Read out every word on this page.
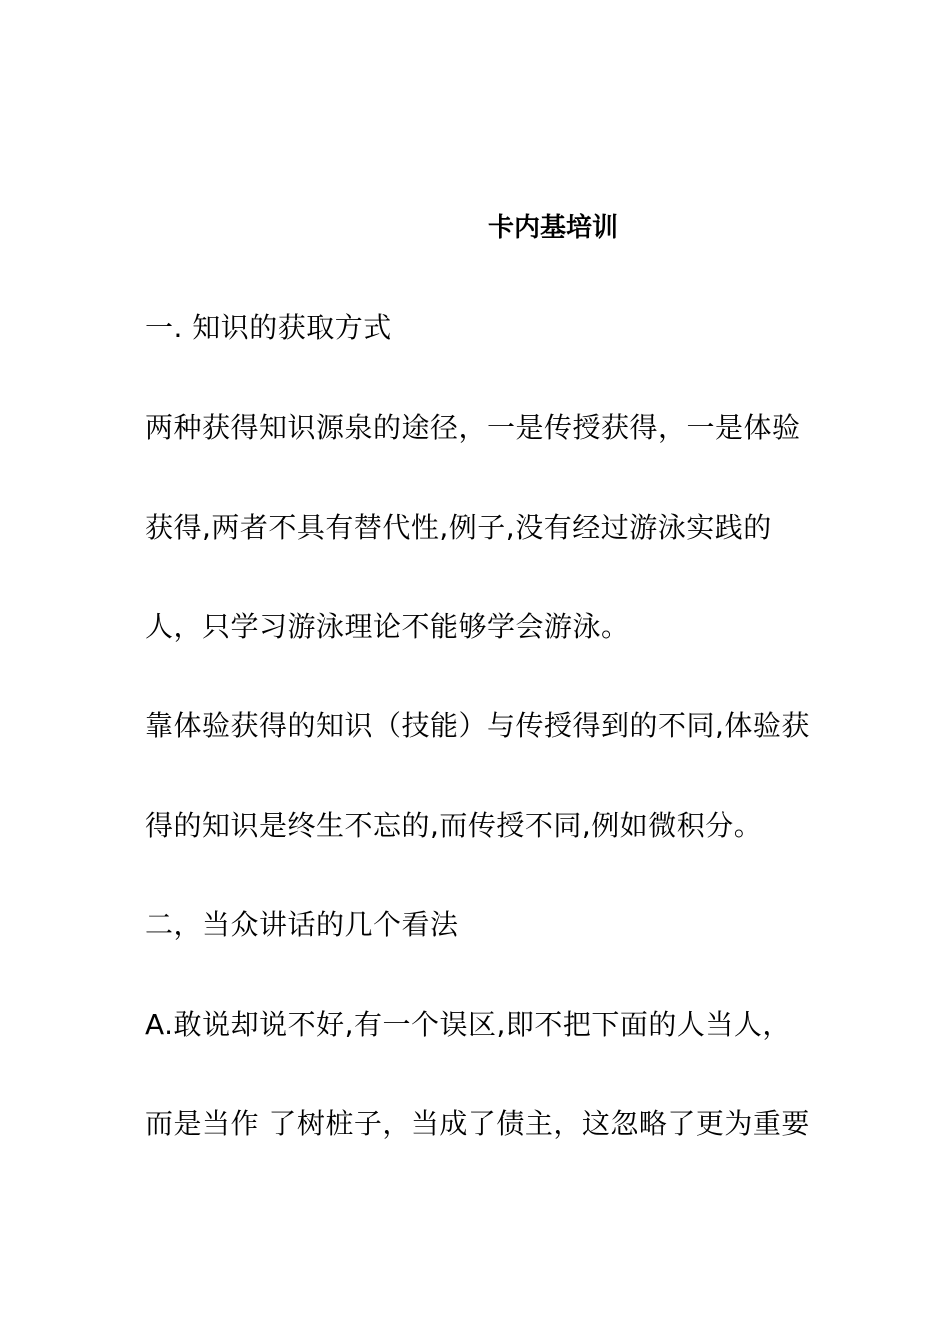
卡内基培训
一. 知识的获取方式
两种获得知识源泉的途径，一是传授获得，一是体验
获得,两者不具有替代性,例子,没有经过游泳实践的
人，只学习游泳理论不能够学会游泳。
靠体验获得的知识（技能）与传授得到的不同,体验获
得的知识是终生不忘的,而传授不同,例如微积分。
二，当众讲话的几个看法
A.敢说却说不好,有一个误区,即不把下面的人当人，
而是当作 了树桩子，当成了债主，这忽略了更为重要
